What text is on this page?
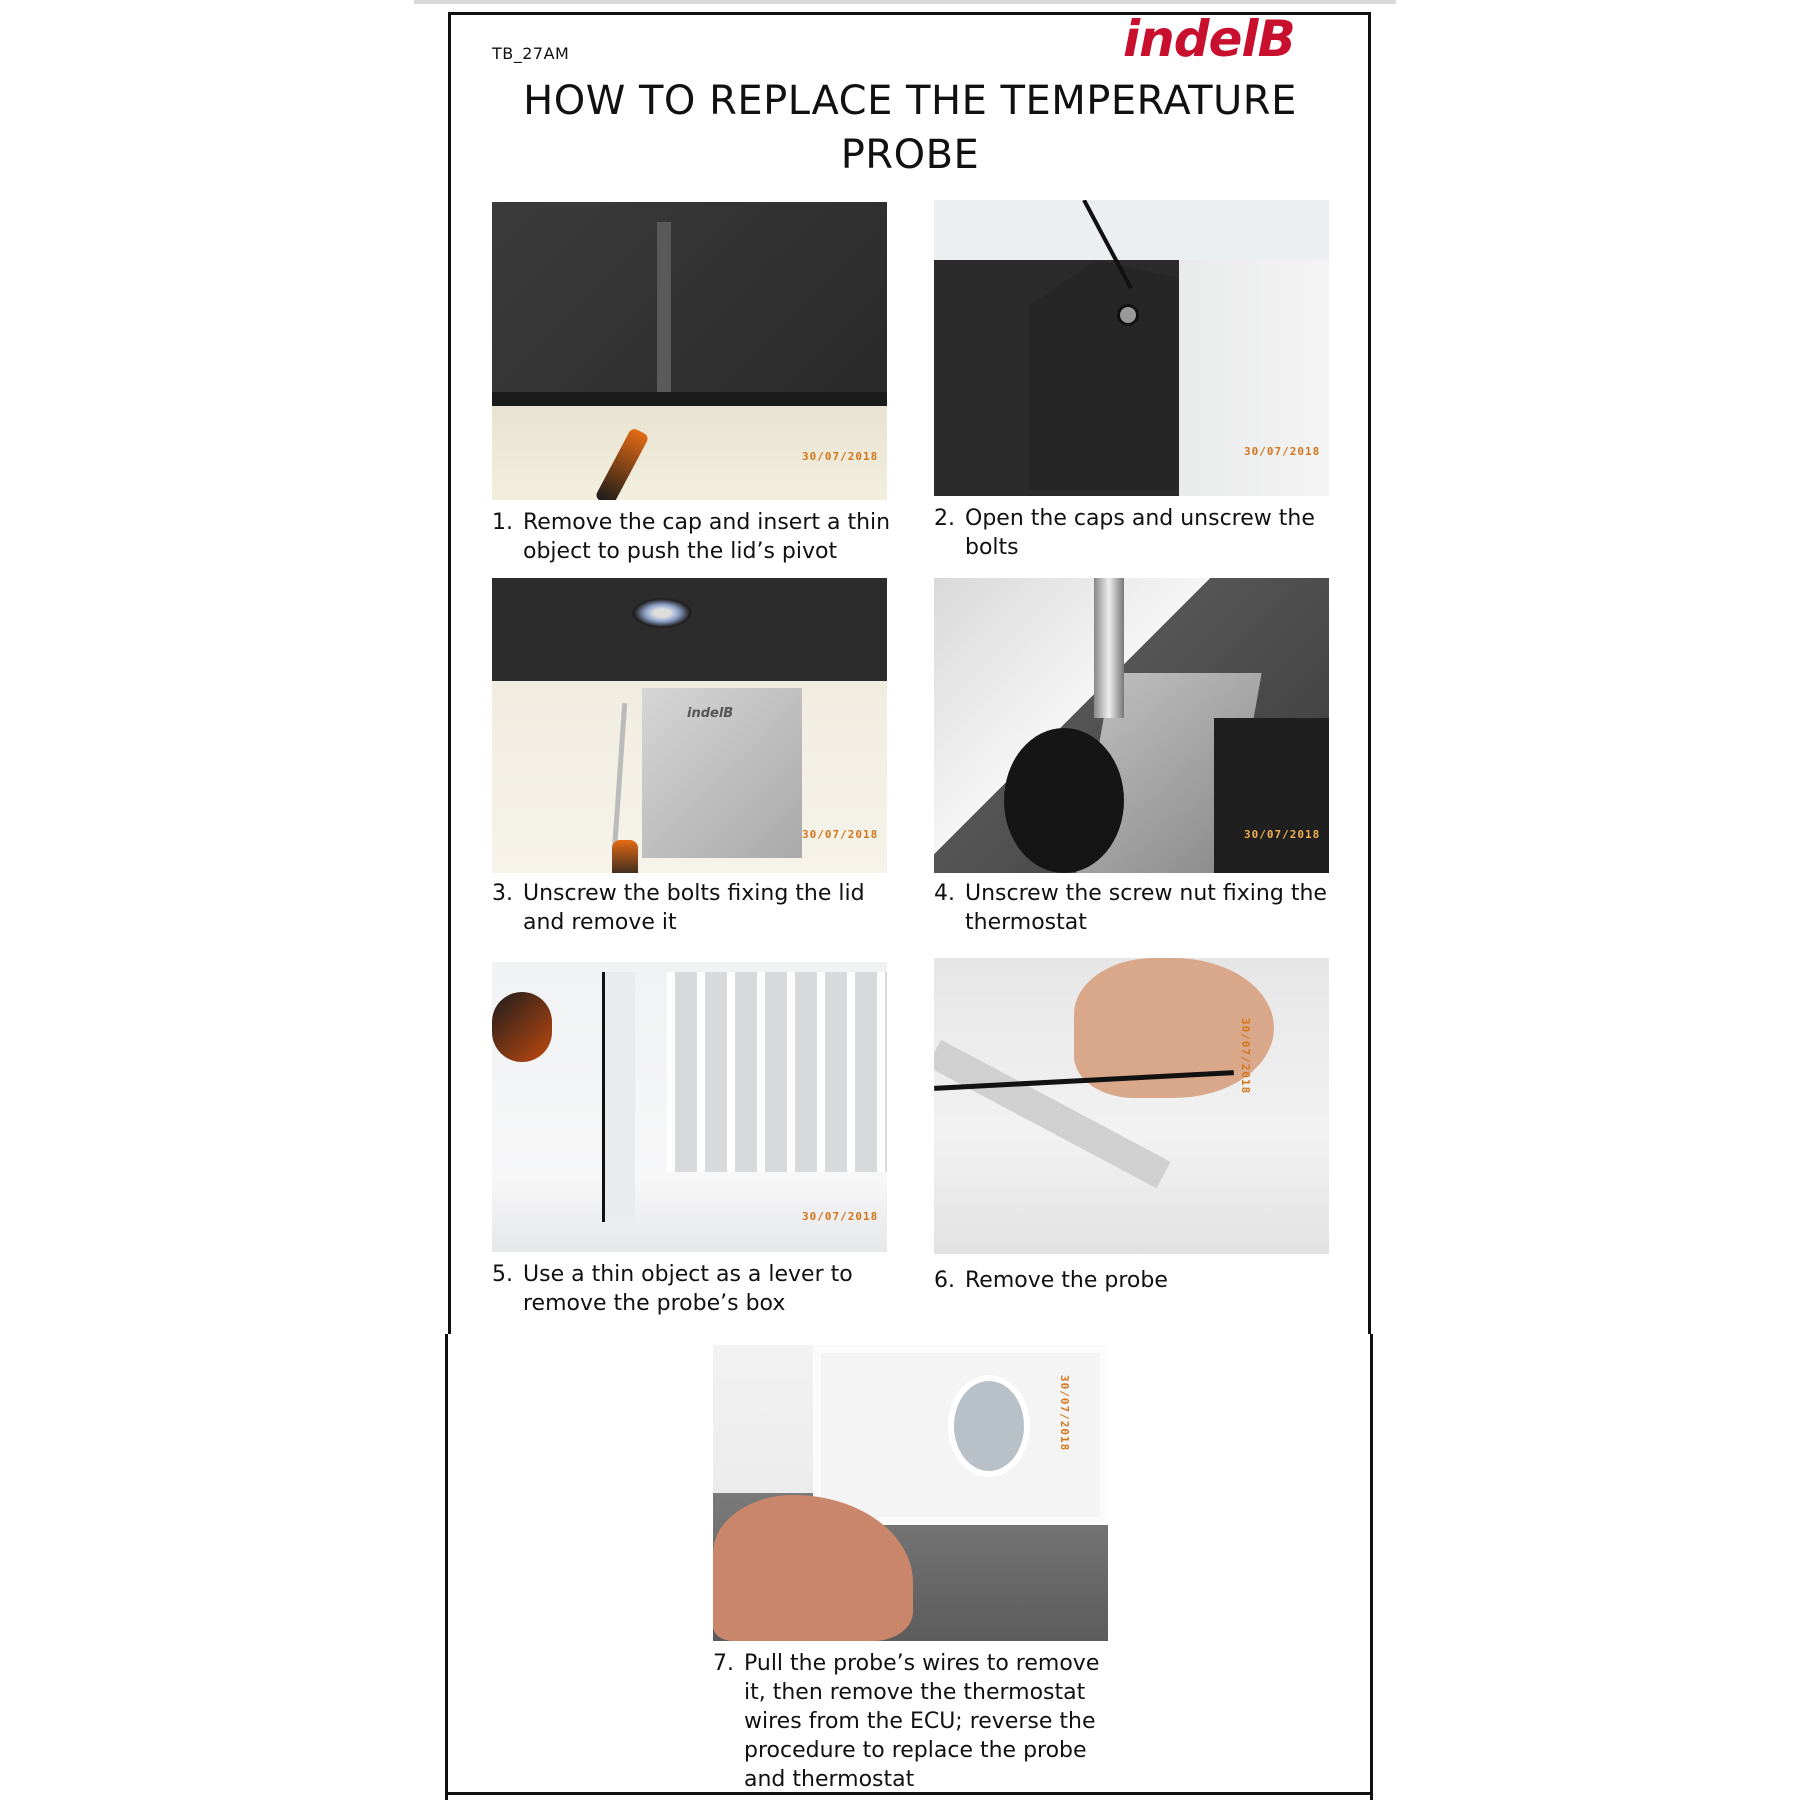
TB_27AM	indelB
HOW TO REPLACE THE TEMPERATURE
PROBE
30/07/2018
1. Remove the cap and insert a thin object to push the lid’s pivot
30/07/2018
2. Open the caps and unscrew the bolts
indelB
30/07/2018
3. Unscrew the bolts fixing the lid and remove it
30/07/2018
4. Unscrew the screw nut fixing the thermostat
30/07/2018
5. Use a thin object as a lever to remove the probe’s box
30/07/2018
6. Remove the probe
30/07/2018
7. Pull the probe’s wires to remove it, then remove the thermostat wires from the ECU; reverse the procedure to replace the probe and thermostat
